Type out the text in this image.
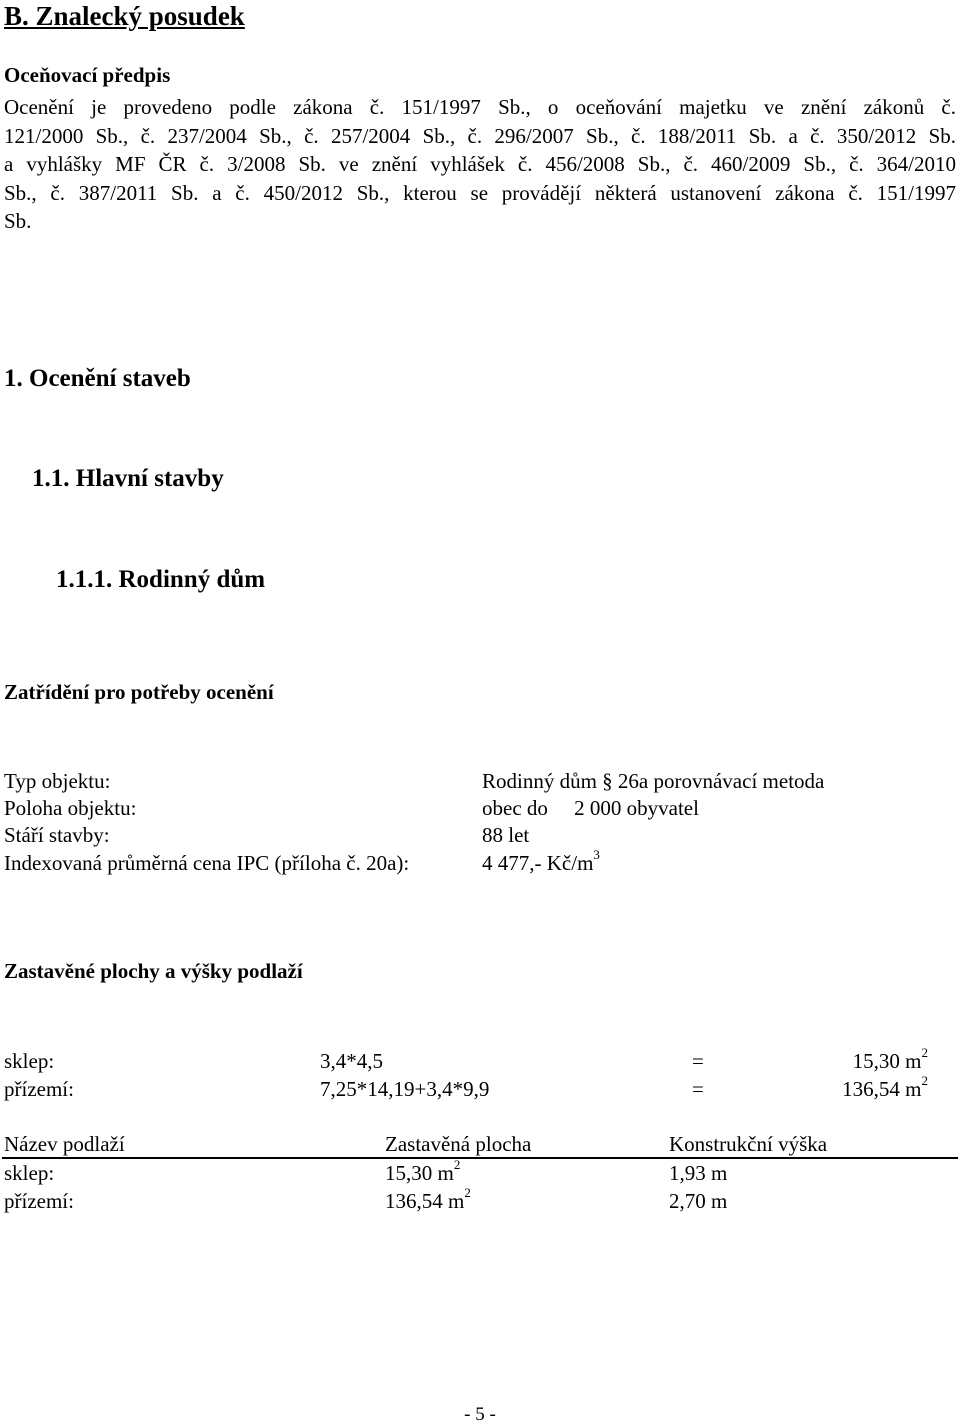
B. Znalecký posudek
Oceňovací předpis
Ocenění je provedeno podle zákona č. 151/1997 Sb., o oceňování majetku ve znění zákonů č.
121/2000 Sb., č. 237/2004 Sb., č. 257/2004 Sb., č. 296/2007 Sb., č. 188/2011 Sb. a č. 350/2012 Sb.
a vyhlášky MF ČR č. 3/2008 Sb. ve znění vyhlášek č. 456/2008 Sb., č. 460/2009 Sb., č. 364/2010
Sb., č. 387/2011 Sb. a č. 450/2012 Sb., kterou se provádějí některá ustanovení zákona č. 151/1997
Sb.
1. Ocenění staveb
1.1. Hlavní stavby
1.1.1. Rodinný dům
Zatřídění pro potřeby ocenění
Typ objektu:	Rodinný dům § 26a porovnávací metoda
Poloha objektu:	obec do     2 000 obyvatel
Stáří stavby:	88 let
Indexovaná průměrná cena IPC (příloha č. 20a):	4 477,- $Kč/m^3$
Zastavěné plochy a výšky podlaží
sklep:	3,4*4,5	=	15,30 $m^2$
přízemí:	7,25*14,19+3,4*9,9	=	136,54 $m^2$
Název podlaží	Zastavěná plocha	Konstrukční výška
sklep:	15,30 $m^2$	1,93 m
přízemí:	136,54 $m^2$	2,70 m
- 5 -
